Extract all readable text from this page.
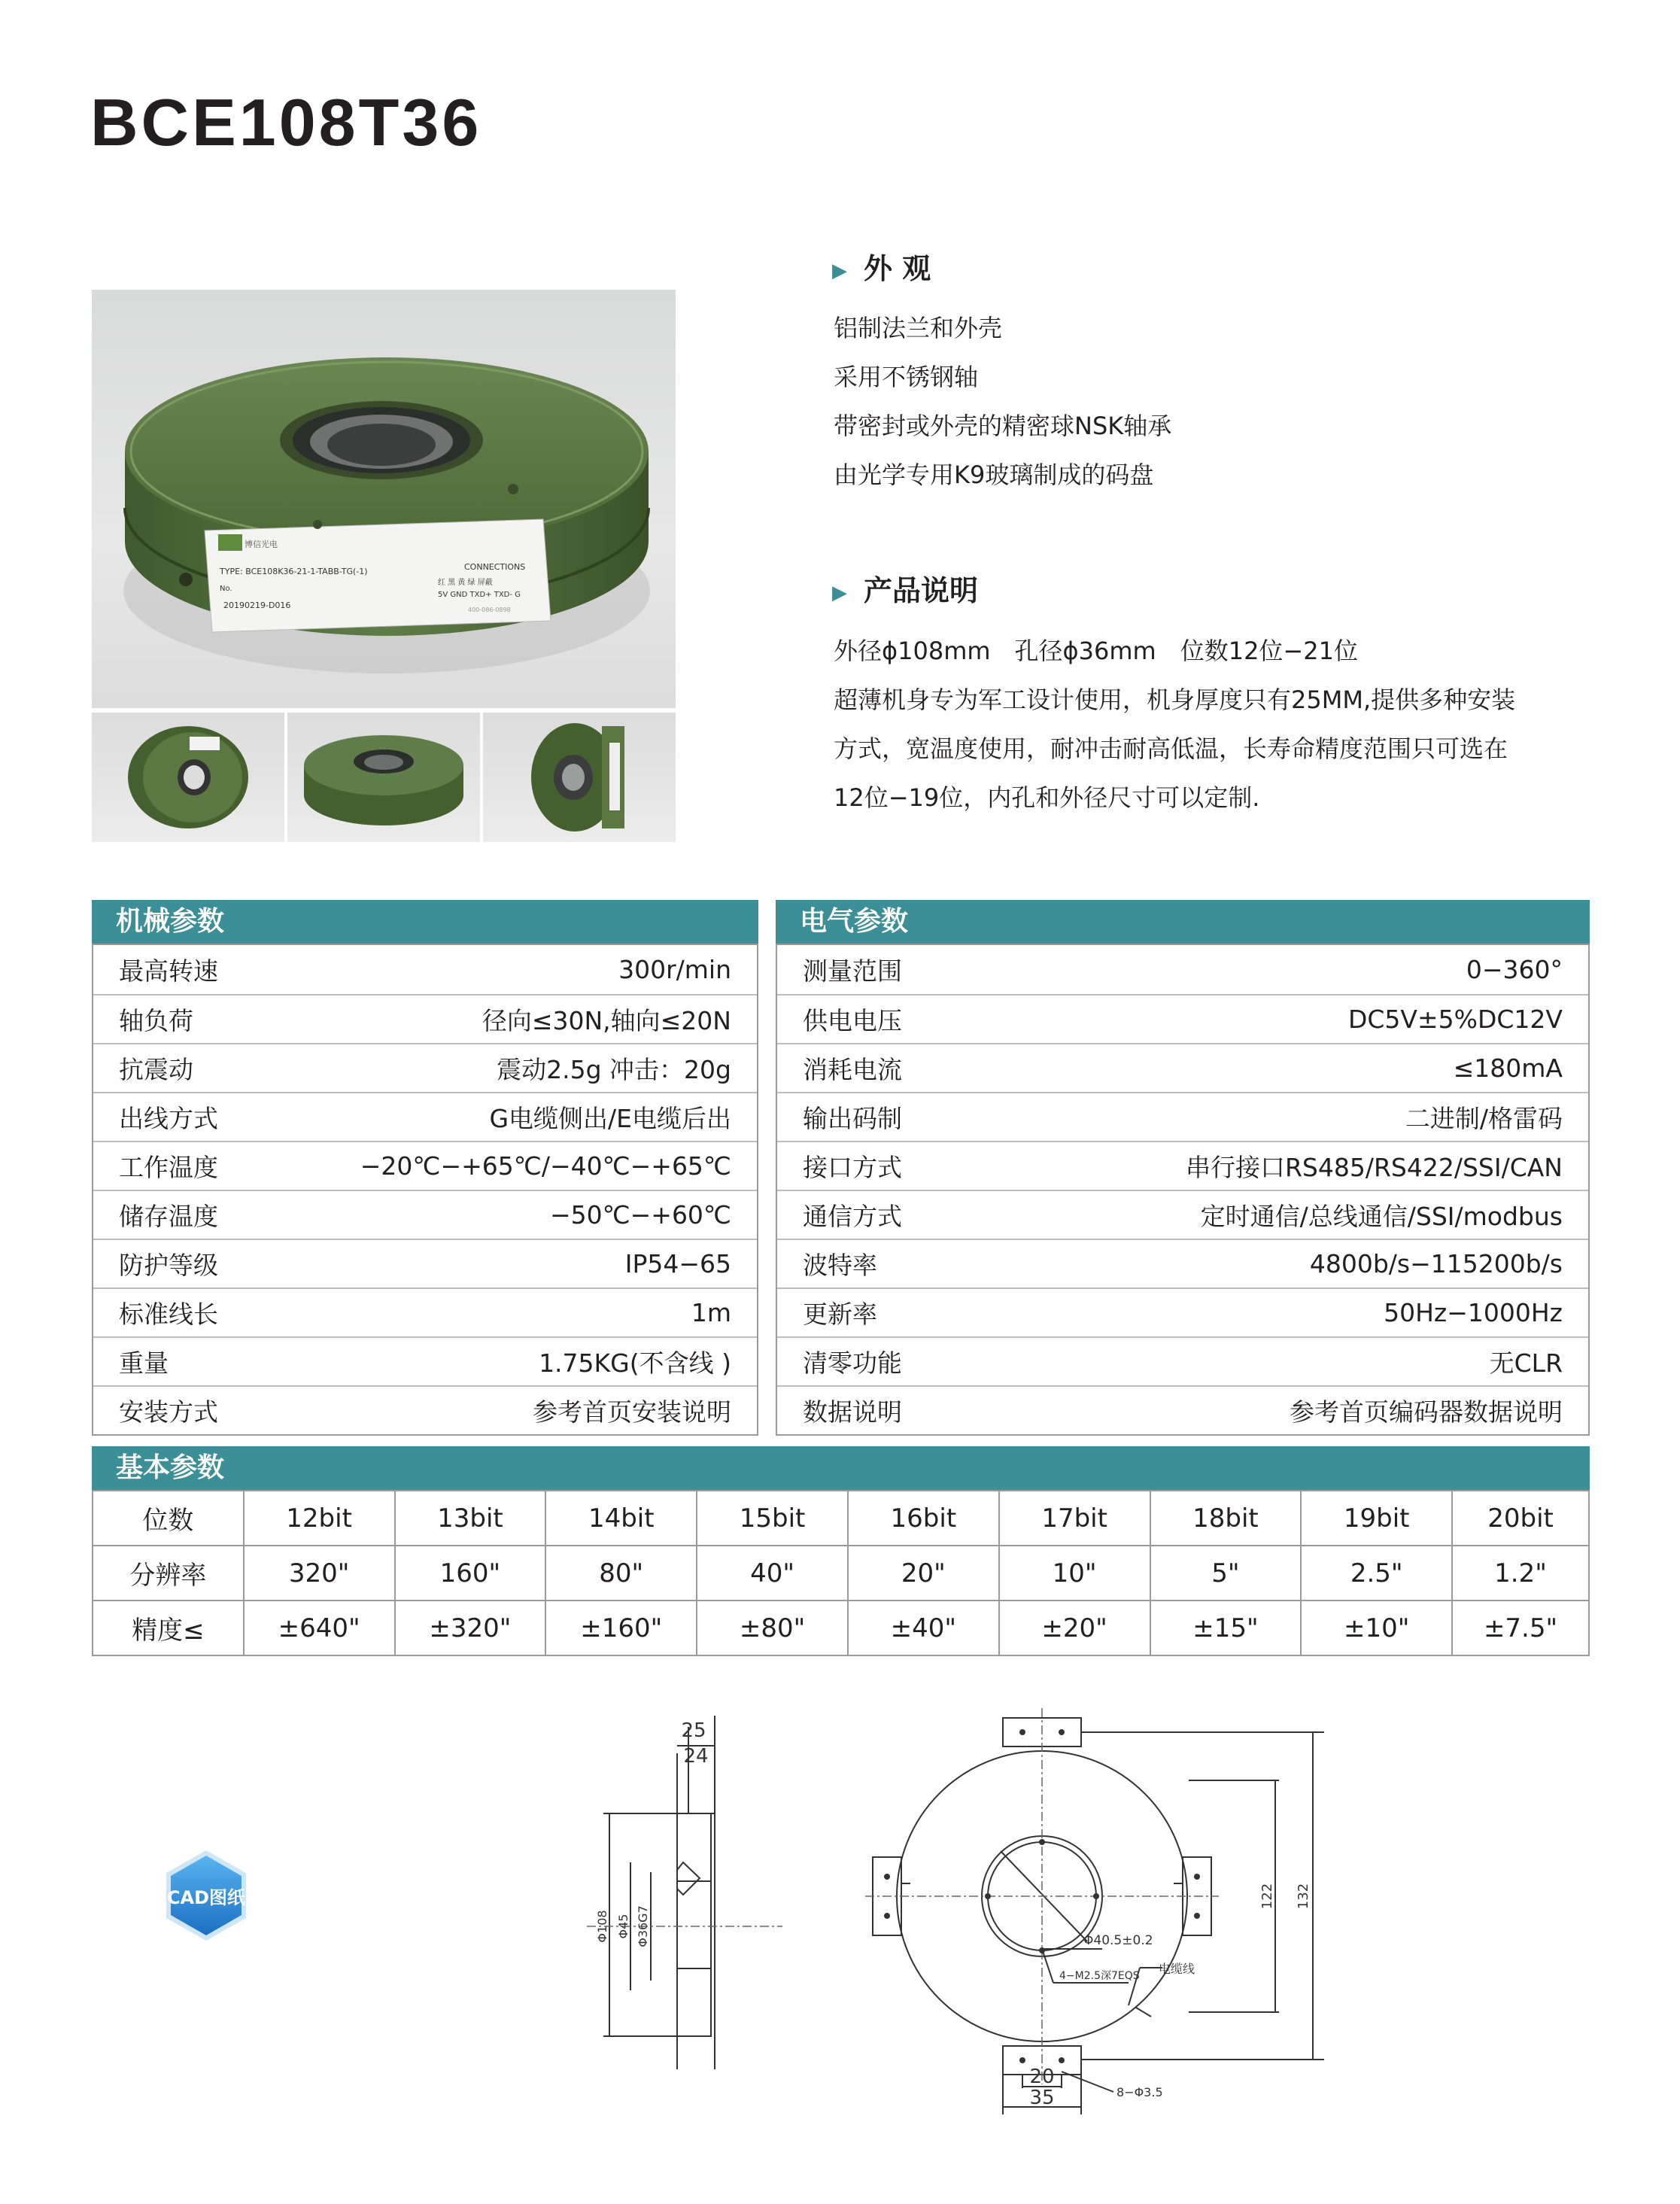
BCE108T36
博信光电
TYPE: BCE108K36-21-1-TABB-TG(-1)
No.
20190219-D016
CONNECTIONS
红 黑 黄 绿 屏蔽
5V GND TXD+ TXD- G
400-086-0898
▶ 外 观
铝制法兰和外壳
采用不锈钢轴
带密封或外壳的精密球NSK轴承
由光学专用K9玻璃制成的码盘
▶ 产品说明
外径ϕ108mm　孔径ϕ36mm　位数12位−21位
超薄机身专为军工设计使用，机身厚度只有25MM,提供多种安装
方式，宽温度使用，耐冲击耐高低温，长寿命精度范围只可选在
12位−19位，内孔和外径尺寸可以定制.
机械参数
最高转速	300r/min
轴负荷	径向≤30N,轴向≤20N
抗震动	震动2.5g 冲击：20g
出线方式	G电缆侧出/E电缆后出
工作温度	−20℃−+65℃/−40℃−+65℃
储存温度	−50℃−+60℃
防护等级	IP54−65
标准线长	1m
重量	1.75KG(不含线 )
安装方式	参考首页安装说明
电气参数
测量范围	0−360°
供电电压	DC5V±5%DC12V
消耗电流	≤180mA
输出码制	二进制/格雷码
接口方式	串行接口RS485/RS422/SSI/CAN
通信方式	定时通信/总线通信/SSI/modbus
波特率	4800b/s−115200b/s
更新率	50Hz−1000Hz
清零功能	无CLR
数据说明	参考首页编码器数据说明
基本参数
位数	12bit	13bit	14bit	15bit	16bit	17bit	18bit	19bit	20bit
分辨率	320"	160"	80"	40"	20"	10"	5"	2.5"	1.2"
精度≤	±640"	±320"	±160"	±80"	±40"	±20"	±15"	±10"	±7.5"
CAD图纸
25
24
Φ108 Φ45 Φ36G7
122 132
Φ40.5±0.2
4−M2.5深7EQS 电缆线
20
35	8−Φ3.5
